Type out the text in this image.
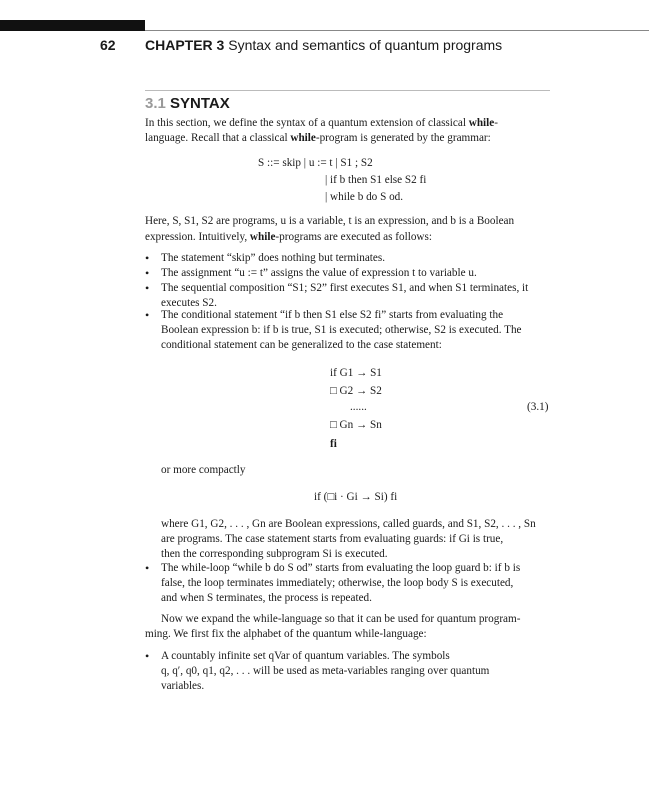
62 CHAPTER 3 Syntax and semantics of quantum programs
3.1 SYNTAX
In this section, we define the syntax of a quantum extension of classical while-
language. Recall that a classical while-program is generated by the grammar:
S ::= skip | u := t | S1 ; S2
| if b then S1 else S2 fi
| while b do S od.
Here, S, S1, S2 are programs, u is a variable, t is an expression, and b is a Boolean
expression. Intuitively, while-programs are executed as follows:
• The statement “skip” does nothing but terminates.
• The assignment “u := t” assigns the value of expression t to variable u.
• The sequential composition “S1; S2” first executes S1, and when S1 terminates, it
executes S2.
• The conditional statement “if b then S1 else S2 fi” starts from evaluating the
Boolean expression b: if b is true, S1 is executed; otherwise, S2 is executed. The
conditional statement can be generalized to the case statement:
if G1 → S1
□ G2 → S2
......	(3.1)
□ Gn → Sn
fi
or more compactly
if (□i · Gi → Si) fi
where G1, G2, . . . , Gn are Boolean expressions, called guards, and S1, S2, . . . , Sn
are programs. The case statement starts from evaluating guards: if Gi is true,
then the corresponding subprogram Si is executed.
• The while-loop “while b do S od” starts from evaluating the loop guard b: if b is
false, the loop terminates immediately; otherwise, the loop body S is executed,
and when S terminates, the process is repeated.
Now we expand the while-language so that it can be used for quantum program-
ming. We first fix the alphabet of the quantum while-language:
• A countably infinite set qVar of quantum variables. The symbols
q, q′, q0, q1, q2, . . . will be used as meta-variables ranging over quantum
variables.
